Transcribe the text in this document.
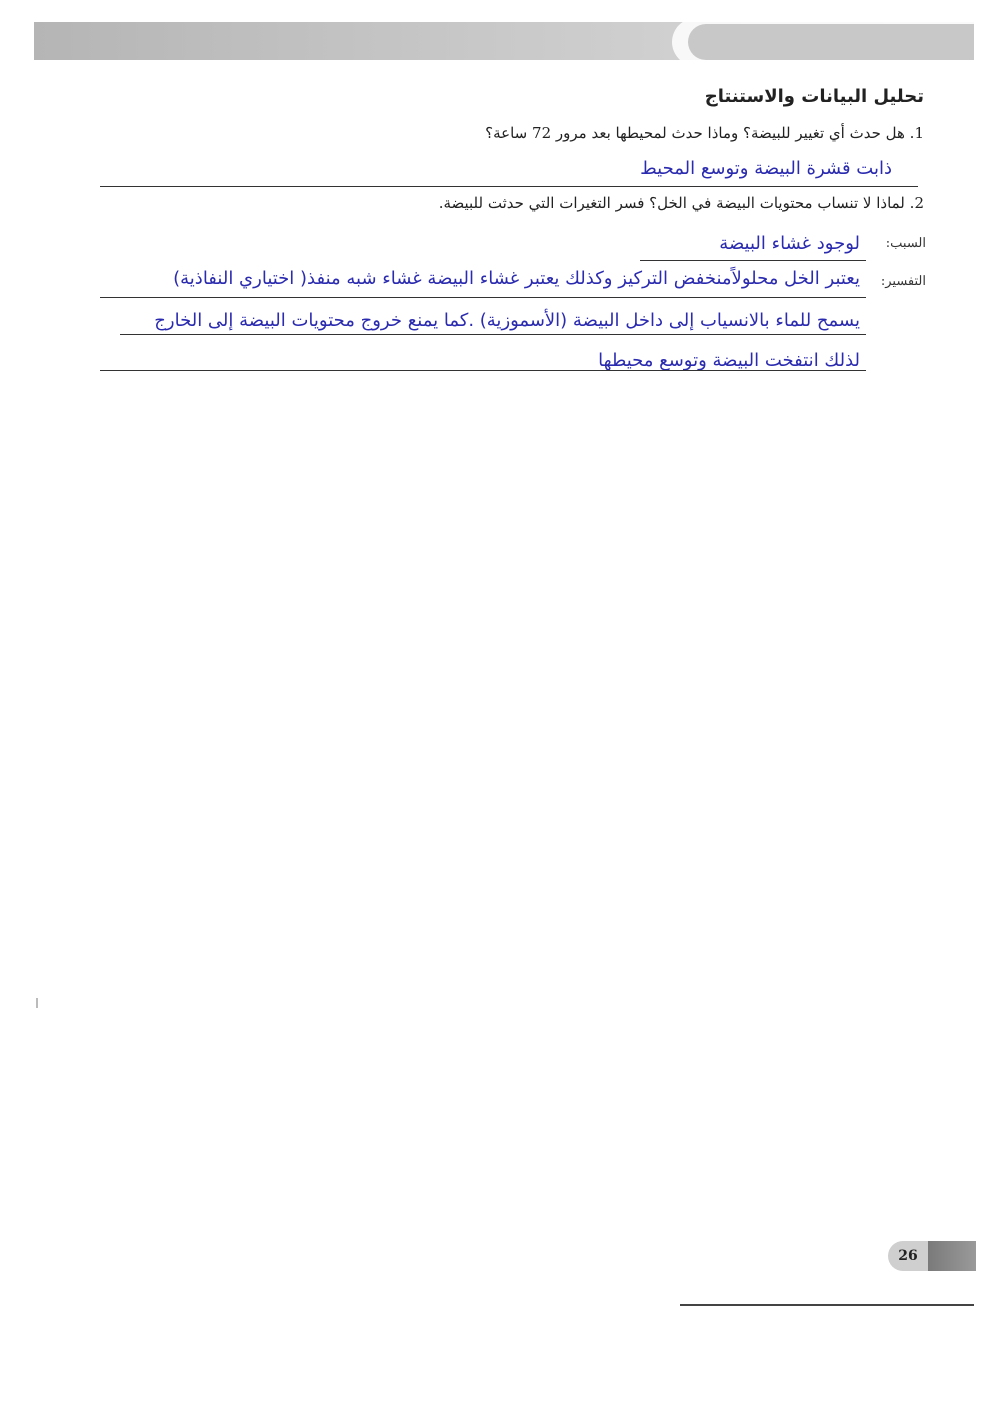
تحليل البيانات والاستنتاج
1. هل حدث أي تغيير للبيضة؟ وماذا حدث لمحيطها بعد مرور 72 ساعة؟
ذابت قشرة البيضة وتوسع المحيط
2. لماذا لا تنساب محتويات البيضة في الخل؟ فسر التغيرات التي حدثت للبيضة.
السبب:
لوجود غشاء البيضة
التفسير:
يعتبر الخل محلولاًمنخفض التركيز وكذلك يعتبر غشاء البيضة غشاء شبه منفذ( اختياري النفاذية)
يسمح للماء بالانسياب إلى داخل البيضة (الأسموزية) .كما يمنع خروج محتويات البيضة إلى الخارج
لذلك انتفخت البيضة وتوسع محيطها
26
